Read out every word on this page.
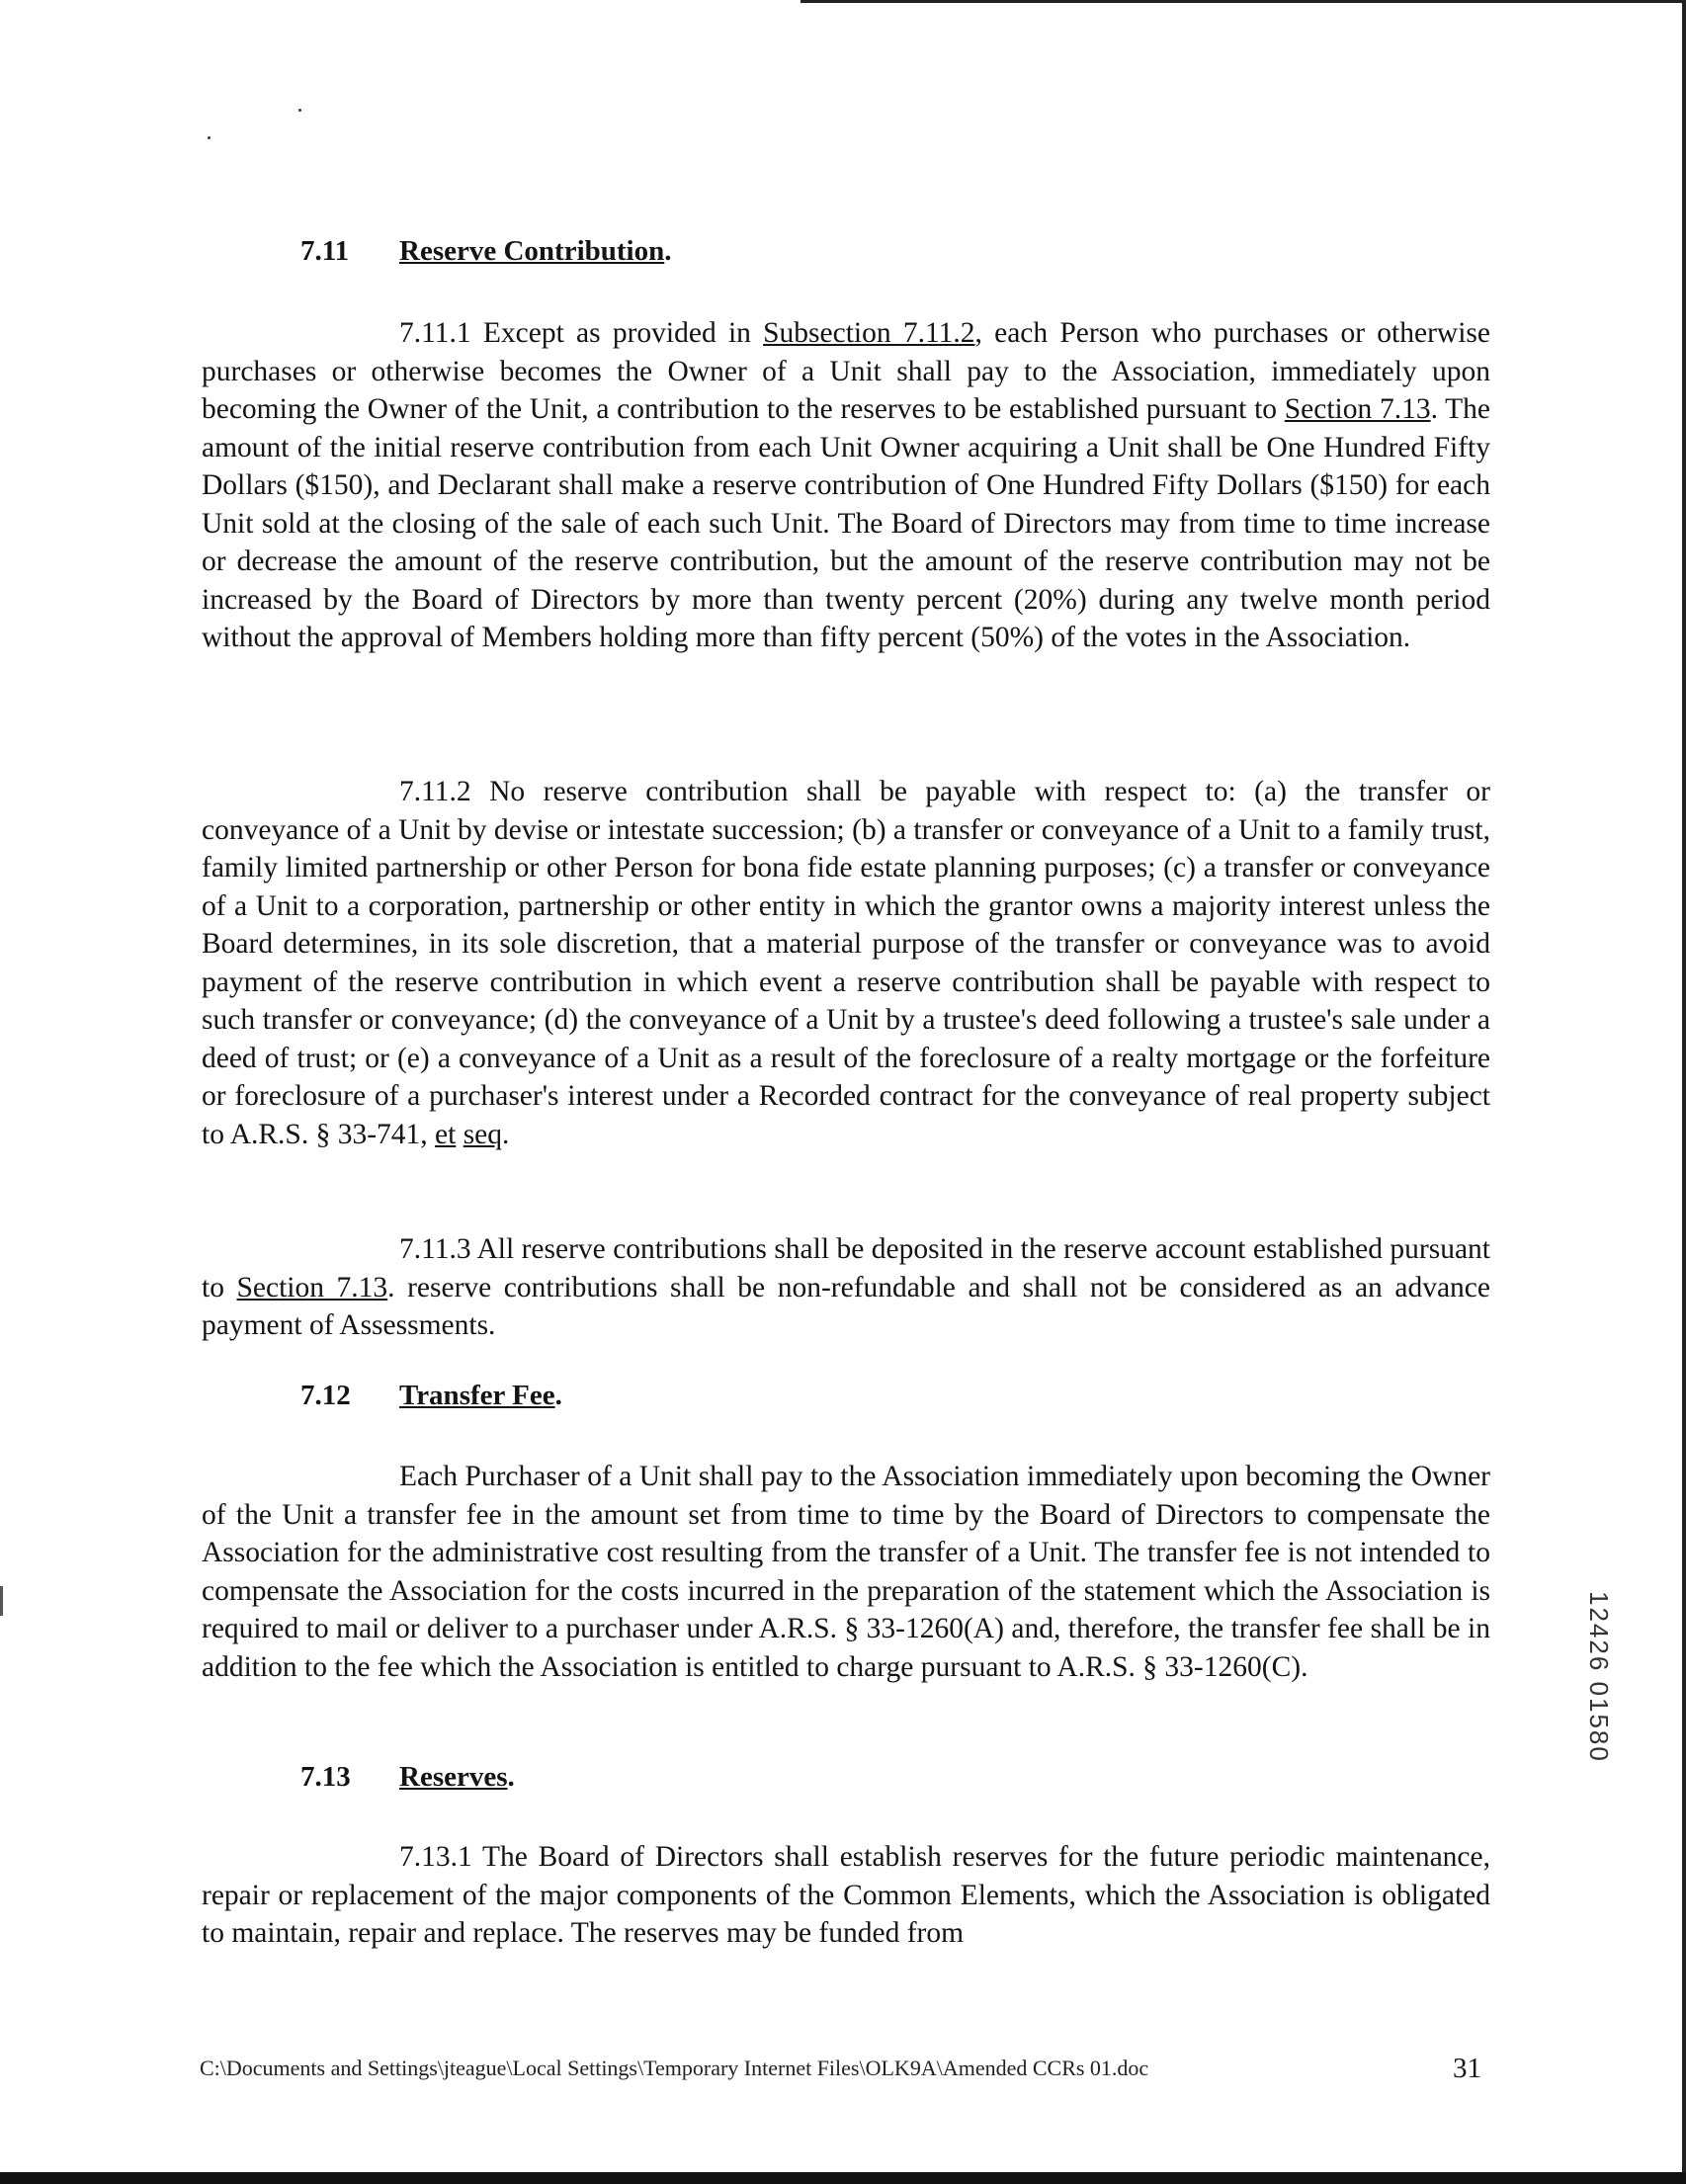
7.11 Reserve Contribution.

7.11.1 Except as provided in Subsection 7.11.2, each Person who purchases or otherwise purchases or otherwise becomes the Owner of a Unit shall pay to the Association, immediately upon becoming the Owner of the Unit, a contribution to the reserves to be established pursuant to Section 7.13. The amount of the initial reserve contribution from each Unit Owner acquiring a Unit shall be One Hundred Fifty Dollars ($150), and Declarant shall make a reserve contribution of One Hundred Fifty Dollars ($150) for each Unit sold at the closing of the sale of each such Unit. The Board of Directors may from time to time increase or decrease the amount of the reserve contribution, but the amount of the reserve contribution may not be increased by the Board of Directors by more than twenty percent (20%) during any twelve month period without the approval of Members holding more than fifty percent (50%) of the votes in the Association.

7.11.2 No reserve contribution shall be payable with respect to: (a) the transfer or conveyance of a Unit by devise or intestate succession; (b) a transfer or conveyance of a Unit to a family trust, family limited partnership or other Person for bona fide estate planning purposes; (c) a transfer or conveyance of a Unit to a corporation, partnership or other entity in which the grantor owns a majority interest unless the Board determines, in its sole discretion, that a material purpose of the transfer or conveyance was to avoid payment of the reserve contribution in which event a reserve contribution shall be payable with respect to such transfer or conveyance; (d) the conveyance of a Unit by a trustee's deed following a trustee's sale under a deed of trust; or (e) a conveyance of a Unit as a result of the foreclosure of a realty mortgage or the forfeiture or foreclosure of a purchaser's interest under a Recorded contract for the conveyance of real property subject to A.R.S. § 33-741, et seq.

7.11.3 All reserve contributions shall be deposited in the reserve account established pursuant to Section 7.13. reserve contributions shall be non-refundable and shall not be considered as an advance payment of Assessments.

7.12 Transfer Fee.

Each Purchaser of a Unit shall pay to the Association immediately upon becoming the Owner of the Unit a transfer fee in the amount set from time to time by the Board of Directors to compensate the Association for the administrative cost resulting from the transfer of a Unit. The transfer fee is not intended to compensate the Association for the costs incurred in the preparation of the statement which the Association is required to mail or deliver to a purchaser under A.R.S. § 33-1260(A) and, therefore, the transfer fee shall be in addition to the fee which the Association is entitled to charge pursuant to A.R.S. § 33-1260(C).

7.13 Reserves.

7.13.1 The Board of Directors shall establish reserves for the future periodic maintenance, repair or replacement of the major components of the Common Elements, which the Association is obligated to maintain, repair and replace. The reserves may be funded from

C:\Documents and Settings\jteague\Local Settings\Temporary Internet Files\OLK9A\Amended CCRs 01.doc	31
12426 01580
